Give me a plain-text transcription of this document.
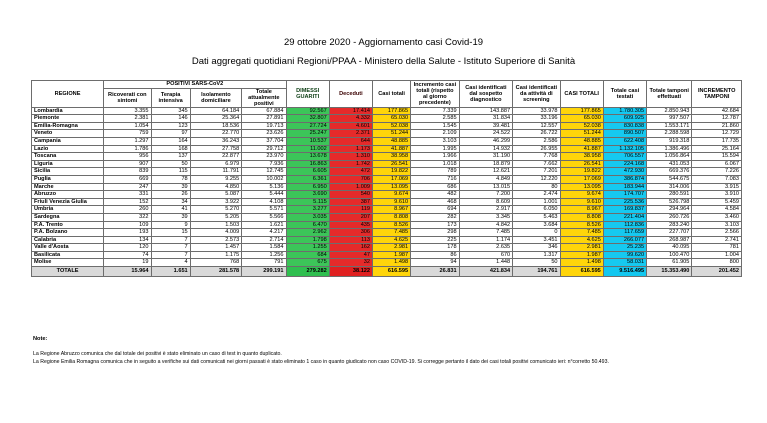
29 ottobre 2020 - Aggiornamento casi Covid-19
Dati aggregati quotidiani Regioni/PPAA - Ministero della Salute - Istituto Superiore di Sanità
REGIONE	POSITIVI SARS-CoV2				DIMESSI GUARITI	Deceduti	Casi totali	Incremento casi totali (rispetto al giorno precedente)	Casi identificati dal sospetto diagnostico	Casi identificati da attività di screening	CASI TOTALI	Totale casi testati	Totale tamponi effettuati	INCREMENTO TAMPONI
	Ricoverati con sintomi	Terapia intensiva	Isolamento domiciliare	Totale attualmente positivi										
Lombardia	3.355	345	64.184	67.884	92.567	17.414	177.865	7.339	143.887	33.978	177.865	1.780.305	2.850.943	42.684
Piemonte	2.381	146	25.364	27.891	32.807	4.332	65.030	2.585	31.834	33.196	65.030	609.925	997.507	12.787
Emilia-Romagna	1.054	123	18.536	19.713	27.724	4.601	52.038	1.545	39.481	12.557	52.038	830.838	1.553.171	21.860
Veneto	759	97	22.770	23.626	25.247	2.371	51.244	2.109	24.522	26.722	51.244	890.507	2.288.598	12.729
Campania	1.297	164	36.243	37.704	10.537	644	48.885	3.103	46.299	2.586	48.885	622.408	919.318	17.735
Lazio	1.786	168	27.758	29.712	11.002	1.173	41.887	1.995	14.932	26.955	41.887	1.132.105	1.386.496	25.164
Toscana	956	137	22.877	23.970	13.678	1.310	38.958	1.966	31.190	7.768	38.958	706.557	1.056.864	15.594
Liguria	907	50	6.979	7.936	16.863	1.742	26.541	1.018	18.879	7.662	26.541	224.168	431.053	6.067
Sicilia	839	115	11.791	12.745	6.605	472	19.822	789	12.621	7.201	19.822	472.930	669.376	7.226
Puglia	669	78	9.255	10.002	6.361	706	17.069	716	4.849	12.220	17.069	386.874	544.675	7.083
Marche	247	39	4.850	5.136	6.950	1.009	13.095	686	13.015	80	13.095	183.944	314.006	3.915
Abruzzo	331	26	5.087	5.444	3.690	540	9.674	482	7.200	2.474	9.674	174.707	280.591	3.910
Friuli Venezia Giulia	152	34	3.922	4.108	5.115	387	9.610	468	8.609	1.001	9.610	225.536	526.798	5.459
Umbria	260	41	5.270	5.571	3.277	119	8.967	694	2.917	6.050	8.967	169.837	294.964	4.584
Sardegna	322	39	5.205	5.566	3.035	207	8.808	282	3.345	5.463	8.808	221.404	260.726	3.460
P.A. Trento	109	9	1.503	1.621	6.470	435	8.526	173	4.842	3.684	8.526	112.836	283.240	3.103
P.A. Bolzano	193	15	4.009	4.217	2.962	306	7.485	298	7.485	0	7.485	117.659	227.707	2.566
Calabria	134	7	2.573	2.714	1.798	113	4.625	225	1.174	3.451	4.625	266.077	268.987	2.741
Valle d'Aosta	120	7	1.457	1.584	1.255	162	2.981	178	2.635	346	2.981	25.235	40.095	781
Basilicata	74	7	1.175	1.256	684	47	1.987	86	670	1.317	1.987	99.620	100.470	1.004
Molise	19	4	768	791	675	32	1.498	94	1.448	50	1.498	58.031	61.905	800
TOTALE	15.964	1.651	281.578	299.191	279.282	38.122	616.595	26.831	421.834	194.761	616.595	9.516.495	15.353.490	201.452
Note:
La Regione Abruzzo comunica che dal totale dei positivi è stato eliminato un caso di test in quanto duplicato.
La Regione Emilia Romagna comunica che in seguito a verifiche sui dati comunicati nei giorni passati è stato eliminato 1 caso in quanto giudicato non caso COVID-19. Si corregge pertanto il dato dei casi totali positivi comunicato ieri: n°corretto 50.493.
